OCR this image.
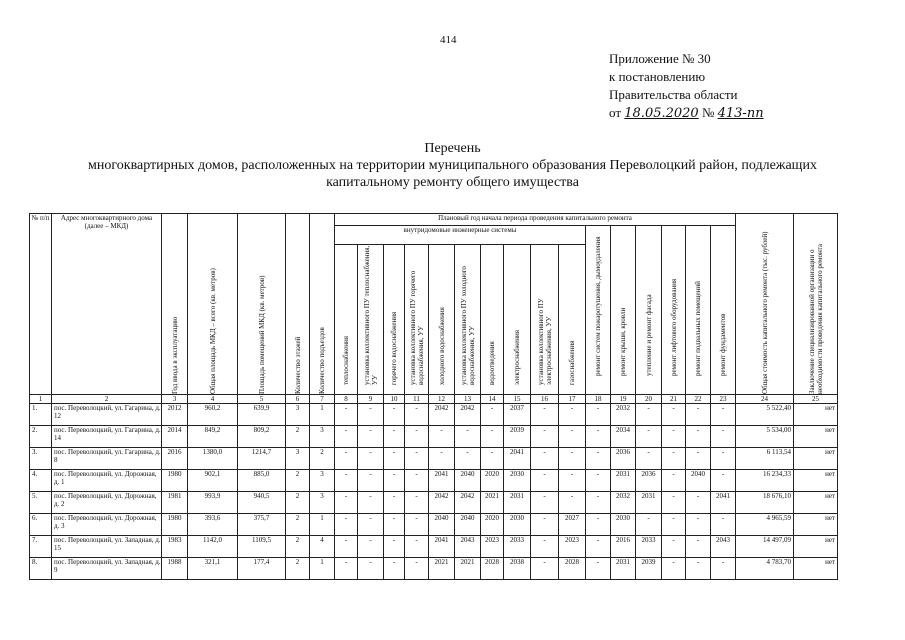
414
Приложение № 30
к постановлению
Правительства области
от 18.05.2020 № 413-пп
Перечень
многоквартирных домов, расположенных на территории муниципального образования Переволоцкий район, подлежащих
капитальному ремонту общего имущества
№ п/п	Адрес многоквартирного дома (далее – МКД)	Год ввода в эксплуатацию	Общая площадь МКД – всего (кв. метров)	Площадь помещений МКД (кв. метров)	Количество этажей	Количество подъездов	Плановый год начала периода проведения капитального ремонта																Общая стоимость капитального ремонта (тыс. рублей)	Заключение специализированной организации о необходимости проведения капитального ремонта

							внутридомовые инженерные системы										ремонт систем пожаротушения, дымоудаления	ремонт крыши, кровли	утепление и ремонт фасада	ремонт лифтового оборудования	ремонт подвальных помещений	ремонт фундаментов		

							теплоснабжения	установка коллективного ПУ теплоснабжения, УУ	горячего водоснабжения	установка коллективного ПУ горячего водоснабжения, УУ	холодного водоснабжения	установка коллективного ПУ холодного водоснабжения, УУ	водоотведения	электроснабжения	установка коллективного ПУ электроснабжения, УУ	газоснабжения								

1	2	3	4	5	6	7	8	9	10	11	12	13	14	15	16	17	18	19	20	21	22	23	24	25
1.	пос. Переволоцкий, ул. Гагарина, д. 12	2012	960,2	639,9	3	1	-	-	-	-	2042	2042	-	2037	-	-	-	2032	-	-	-	-	5 522,40	нет
2.	пос. Переволоцкий, ул. Гагарина, д. 14	2014	849,2	809,2	2	3	-	-	-	-	-	-	-	2039	-	-	-	2034	-	-	-	-	5 534,00	нет
3.	пос. Переволоцкий, ул. Гагарина, д. 8	2016	1380,0	1214,7	3	2	-	-	-	-	-	-	-	2041	-	-	-	2036	-	-	-	-	6 113,54	нет
4.	пос. Переволоцкий, ул. Дорожная, д. 1	1980	902,1	885,0	2	3	-	-	-	-	2041	2040	2020	2030	-	-	-	2031	2036	-	2040	-	16 234,33	нет
5.	пос. Переволоцкий, ул. Дорожная, д. 2	1981	993,9	940,5	2	3	-	-	-	-	2042	2042	2021	2031	-	-	-	2032	2031	-	-	2041	18 676,10	нет
6.	пос. Переволоцкий, ул. Дорожная, д. 3	1980	393,6	375,7	2	1	-	-	-	-	2040	2040	2020	2030	-	2027	-	2030	-	-	-	-	4 965,59	нет
7.	пос. Переволоцкий, ул. Западная, д. 15	1983	1142,0	1109,5	2	4	-	-	-	-	2041	2043	2023	2033	-	2023	-	2016	2033	-	-	2043	14 497,09	нет
8.	пос. Переволоцкий, ул. Западная, д. 9	1988	321,1	177,4	2	1	-	-	-	-	2021	2021	2028	2038	-	2028	-	2031	2039	-	-	-	4 783,70	нет
